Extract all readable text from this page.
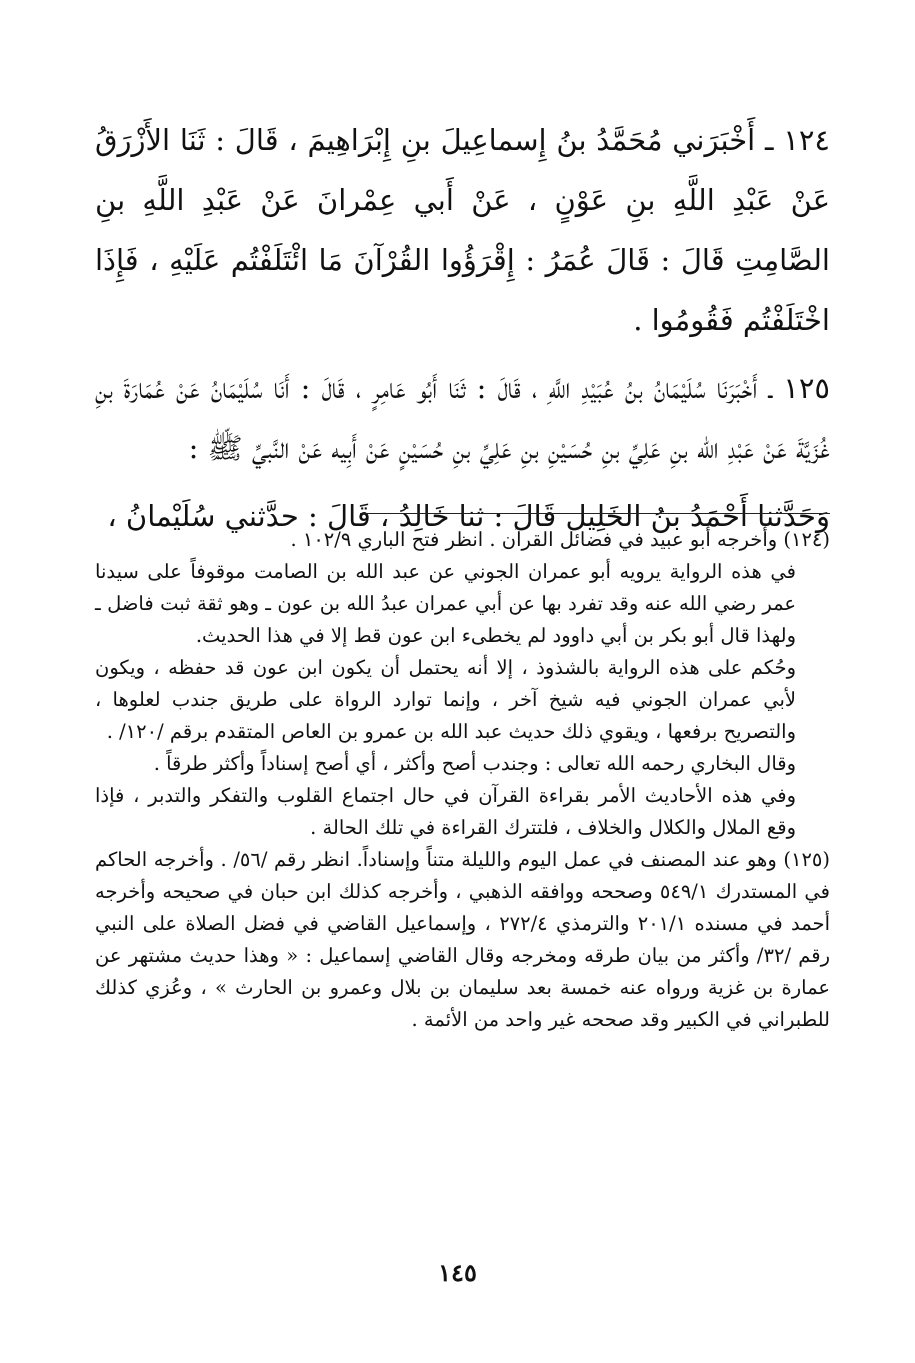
١٢٤ ـ أَخْبَرَني مُحَمَّدُ بنُ إِسماعِيلَ بنِ إِبْرَاهِيمَ ، قَالَ : ثَنَا الأَزْرَقُ عَنْ عَبْدِ اللَّهِ بنِ عَوْنٍ ، عَنْ أَبي عِمْرانَ عَنْ عَبْدِ اللَّهِ بنِ الصَّامِتِ قَالَ : قَالَ عُمَرُ : إِقْرَؤُوا القُرْآنَ مَا ائْتَلَفْتُم عَلَيْهِ ، فَإِذَا اخْتَلَفْتُم فَقُومُوا .

١٢٥ ـ أَخْبَرَنَا سُلَيْمَانُ بنُ عُبَيْدِ اللَّهِ ، قَالَ : ثَنَا أَبُو عَامِرٍ ، قَالَ : أَنَا سُلَيْمَانُ عَنْ عُمَارَةَ بنِ غُزَيَّةَ عَنْ عَبْدِ الله بنِ عَلِيِّ بنِ حُسَيْنِ بنِ عَلِيِّ بنِ حُسَيْنٍ عَنْ أَبِيه عَنْ النَّبيِّ ﷺ :

وَحَدَّثنا أَحْمَدُ بنُ الخَلِيل قَالَ : ثنا خَالِدُ ، قَالَ : حدَّثني سُلَيْمانُ ،

(١٢٤) وأخرجه أبو عبيد في فضائل القرآن . انظر فتح الباري ١٠٢/٩ .

في هذه الرواية يرويه أبو عمران الجوني عن عبد الله بن الصامت موقوفاً على سيدنا عمر رضي الله عنه وقد تفرد بها عن أبي عمران عبدُ الله بن عون ـ وهو ثقة ثبت فاضل ـ ولهذا قال أبو بكر بن أبي داوود لم يخطىء ابن عون قط إلا في هذا الحديث.

وحُكم على هذه الرواية بالشذوذ ، إلا أنه يحتمل أن يكون ابن عون قد حفظه ، ويكون لأبي عمران الجوني فيه شيخ آخر ، وإنما توارد الرواة على طريق جندب لعلوها ، والتصريح برفعها ، ويقوي ذلك حديث عبد الله بن عمرو بن العاص المتقدم برقم /١٢٠/ .

وقال البخاري رحمه الله تعالى : وجندب أصح وأكثر ، أي أصح إسناداً وأكثر طرقاً .

وفي هذه الأحاديث الأمر بقراءة القرآن في حال اجتماع القلوب والتفكر والتدبر ، فإذا وقع الملال والكلال والخلاف ، فلتترك القراءة في تلك الحالة .

(١٢٥) وهو عند المصنف في عمل اليوم والليلة متناً وإسناداً. انظر رقم /٥٦/ . وأخرجه الحاكم في المستدرك ٥٤٩/١ وصححه ووافقه الذهبي ، وأخرجه كذلك ابن حبان في صحيحه وأخرجه أحمد في مسنده ٢٠١/١ والترمذي ٢٧٢/٤ ، وإسماعيل القاضي في فضل الصلاة على النبي رقم /٣٢/ وأكثر من بيان طرقه ومخرجه وقال القاضي إسماعيل : « وهذا حديث مشتهر عن عمارة بن غزية ورواه عنه خمسة بعد سليمان بن بلال وعمرو بن الحارث » ، وعُزي كذلك للطبراني في الكبير وقد صححه غير واحد من الأئمة .

١٤٥
